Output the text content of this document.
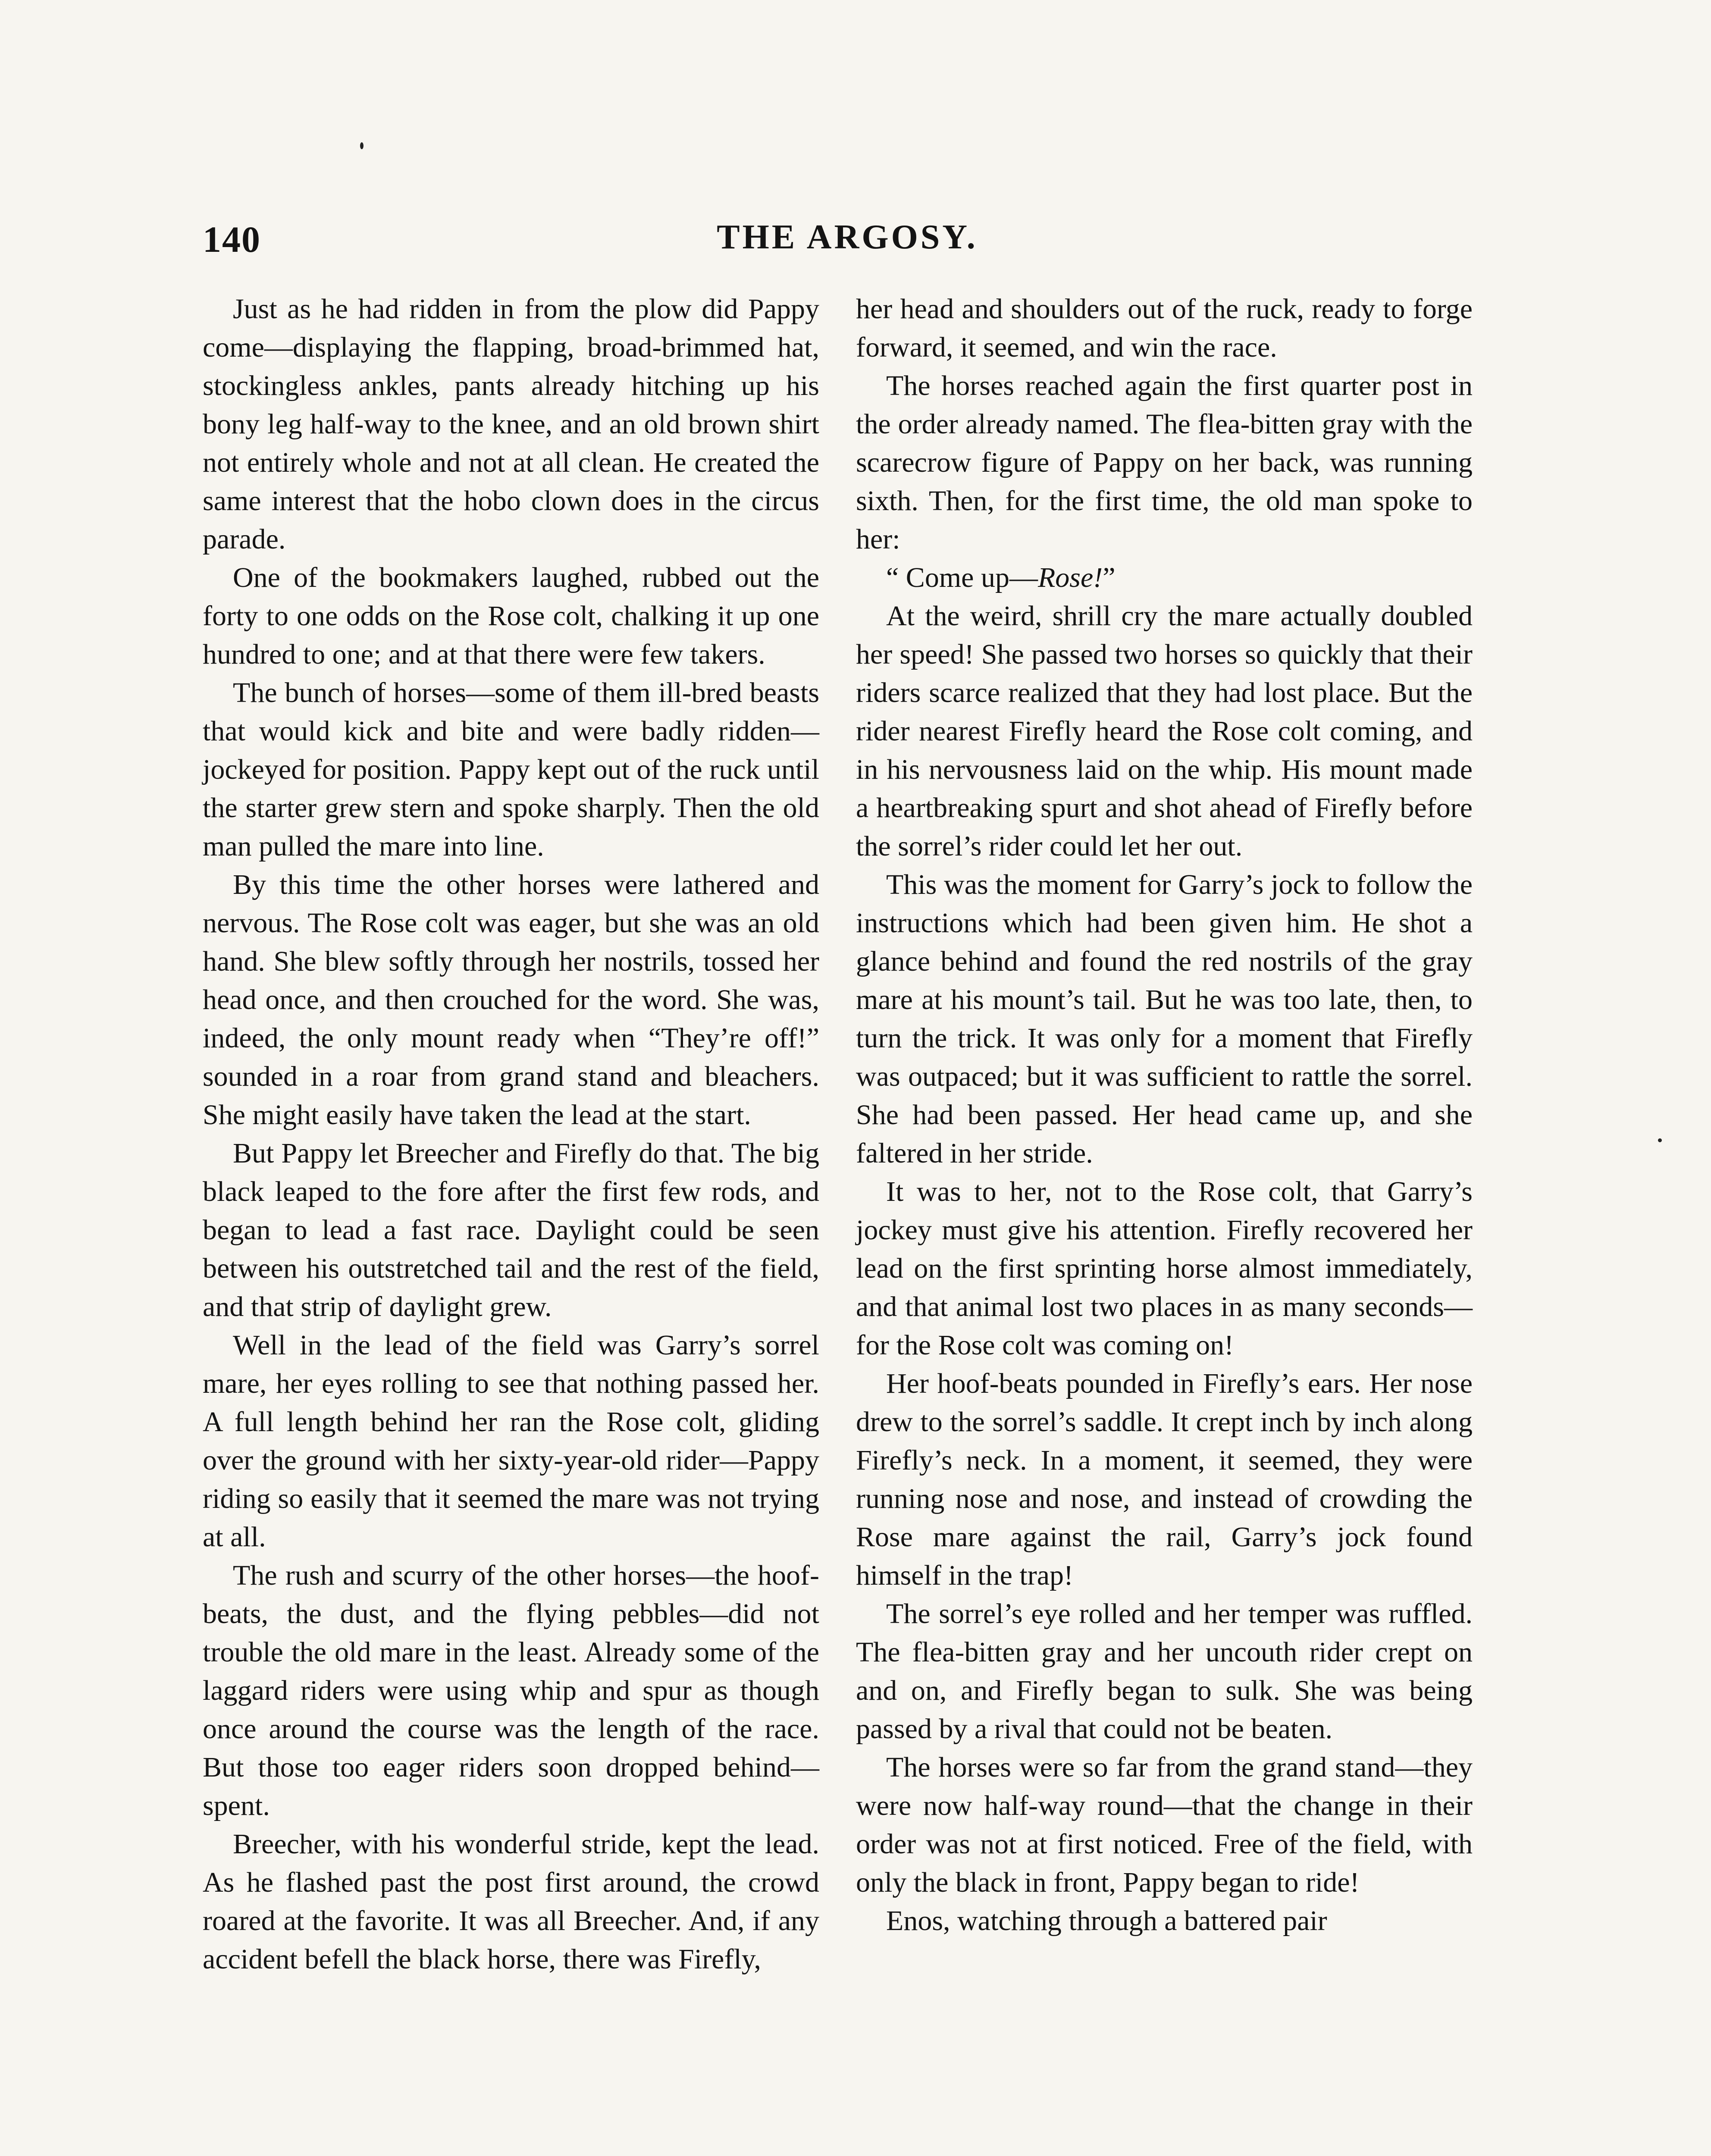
140	THE ARGOSY.

Just as he had ridden in from the plow did Pappy come—displaying the flapping, broad-brimmed hat, stockingless ankles, pants already hitching up his bony leg half-way to the knee, and an old brown shirt not entirely whole and not at all clean. He created the same interest that the hobo clown does in the circus parade.

One of the bookmakers laughed, rubbed out the forty to one odds on the Rose colt, chalking it up one hundred to one; and at that there were few takers.

The bunch of horses—some of them ill-bred beasts that would kick and bite and were badly ridden—jockeyed for position. Pappy kept out of the ruck until the starter grew stern and spoke sharply. Then the old man pulled the mare into line.

By this time the other horses were lathered and nervous. The Rose colt was eager, but she was an old hand. She blew softly through her nostrils, tossed her head once, and then crouched for the word. She was, indeed, the only mount ready when “They’re off!” sounded in a roar from grand stand and bleachers. She might easily have taken the lead at the start.

But Pappy let Breecher and Firefly do that. The big black leaped to the fore after the first few rods, and began to lead a fast race. Daylight could be seen between his outstretched tail and the rest of the field, and that strip of daylight grew.

Well in the lead of the field was Garry’s sorrel mare, her eyes rolling to see that nothing passed her. A full length behind her ran the Rose colt, gliding over the ground with her sixty-year-old rider—Pappy riding so easily that it seemed the mare was not trying at all.

The rush and scurry of the other horses—the hoof-beats, the dust, and the flying pebbles—did not trouble the old mare in the least. Already some of the laggard riders were using whip and spur as though once around the course was the length of the race. But those too eager riders soon dropped behind—spent.

Breecher, with his wonderful stride, kept the lead. As he flashed past the post first around, the crowd roared at the favorite. It was all Breecher. And, if any accident befell the black horse, there was Firefly,

her head and shoulders out of the ruck, ready to forge forward, it seemed, and win the race.

The horses reached again the first quarter post in the order already named. The flea-bitten gray with the scarecrow figure of Pappy on her back, was running sixth. Then, for the first time, the old man spoke to her:

“ Come up—Rose!”

At the weird, shrill cry the mare actually doubled her speed! She passed two horses so quickly that their riders scarce realized that they had lost place. But the rider nearest Firefly heard the Rose colt coming, and in his nervousness laid on the whip. His mount made a heartbreaking spurt and shot ahead of Firefly before the sorrel’s rider could let her out.

This was the moment for Garry’s jock to follow the instructions which had been given him. He shot a glance behind and found the red nostrils of the gray mare at his mount’s tail. But he was too late, then, to turn the trick. It was only for a moment that Firefly was outpaced; but it was sufficient to rattle the sorrel. She had been passed. Her head came up, and she faltered in her stride.

It was to her, not to the Rose colt, that Garry’s jockey must give his attention. Firefly recovered her lead on the first sprinting horse almost immediately, and that animal lost two places in as many seconds—for the Rose colt was coming on!

Her hoof-beats pounded in Firefly’s ears. Her nose drew to the sorrel’s saddle. It crept inch by inch along Firefly’s neck. In a moment, it seemed, they were running nose and nose, and instead of crowding the Rose mare against the rail, Garry’s jock found himself in the trap!

The sorrel’s eye rolled and her temper was ruffled. The flea-bitten gray and her uncouth rider crept on and on, and Firefly began to sulk. She was being passed by a rival that could not be beaten.

The horses were so far from the grand stand—they were now half-way round—that the change in their order was not at first noticed. Free of the field, with only the black in front, Pappy began to ride!

Enos, watching through a battered pair
